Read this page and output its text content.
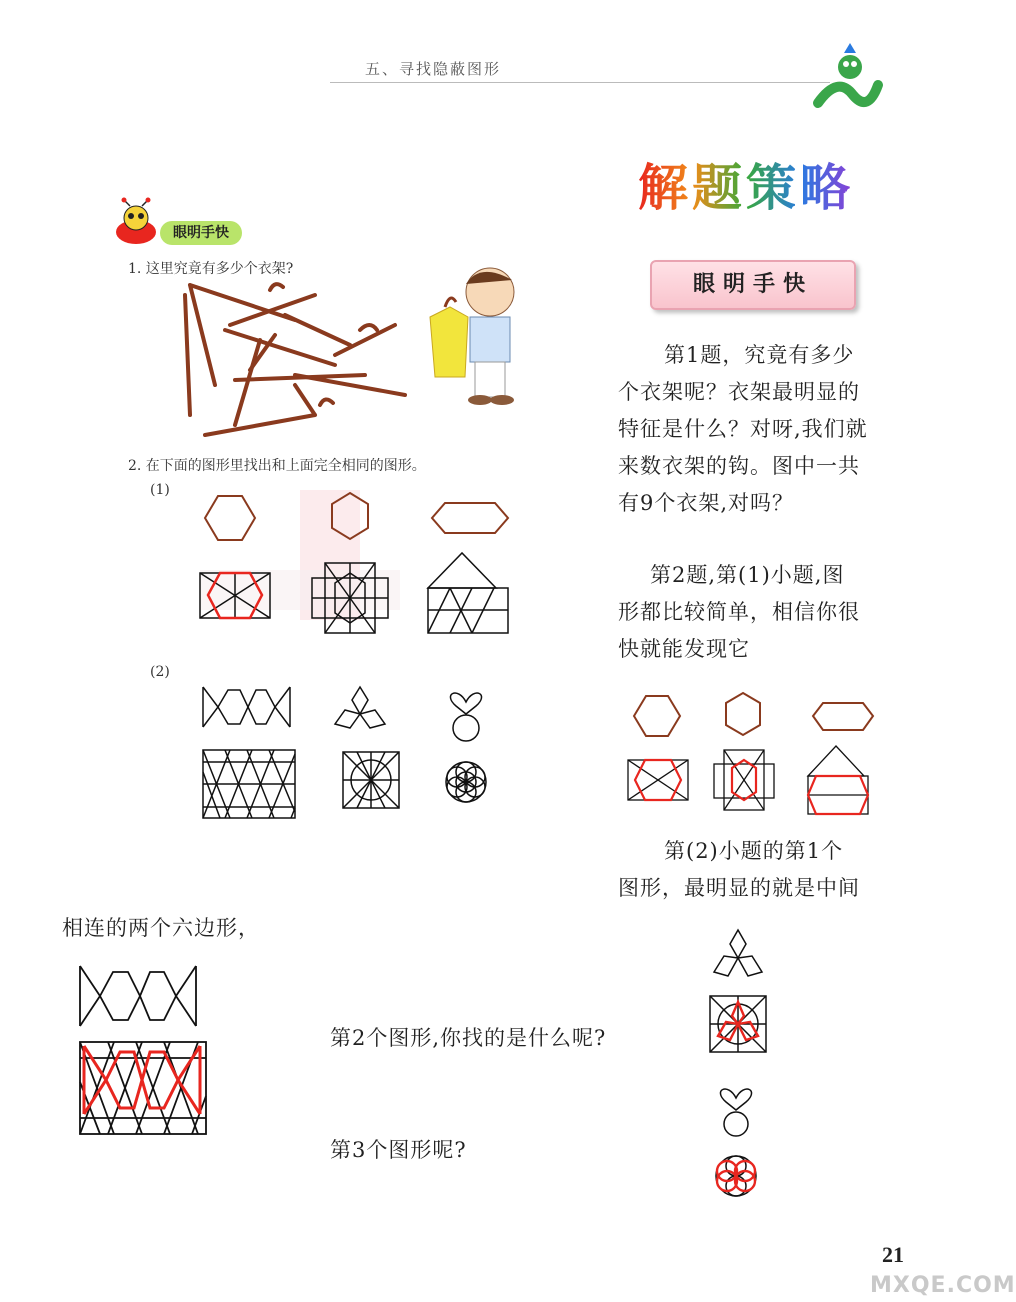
五、寻找隐蔽图形
解题策略
眼明手快
1. 这里究竟有多少个衣架?
2. 在下面的图形里找出和上面完全相同的图形。
(1)
(2)
眼明手快
第1题，究竟有多少
个衣架呢？衣架最明显的
特征是什么？对呀,我们就
来数衣架的钩。图中一共
有9个衣架,对吗？
第2题,第(1)小题,图
形都比较简单，相信你很
快就能发现它
第(2)小题的第1个
图形，最明显的就是中间
相连的两个六边形，
第2个图形,你找的是什么呢?
第3个图形呢?
21
MXQE.COM
